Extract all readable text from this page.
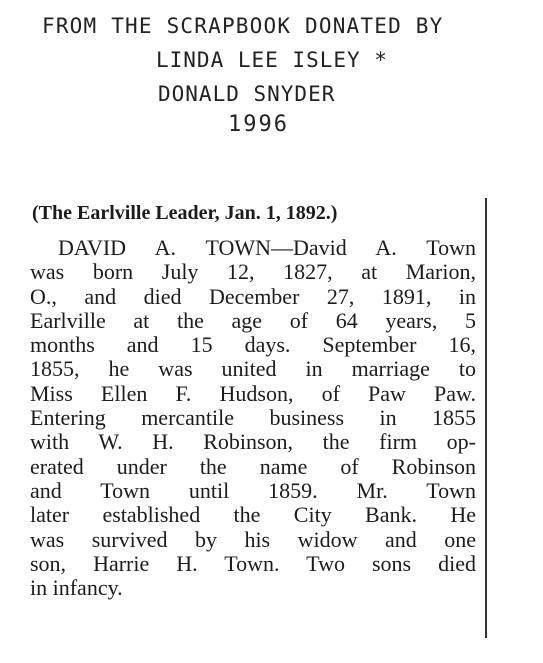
FROM THE SCRAPBOOK DONATED BY
LINDA LEE ISLEY *
DONALD SNYDER
1996
(The Earlville Leader, Jan. 1, 1892.)
DAVID A. TOWN—David A. Town
was born July 12, 1827, at Marion,
O., and died December 27, 1891, in
Earlville at the age of 64 years, 5
months and 15 days. September 16,
1855, he was united in marriage to
Miss Ellen F. Hudson, of Paw Paw.
Entering mercantile business in 1855
with W. H. Robinson, the firm op-
erated under the name of Robinson
and Town until 1859. Mr. Town
later established the City Bank. He
was survived by his widow and one
son, Harrie H. Town. Two sons died
in infancy.
